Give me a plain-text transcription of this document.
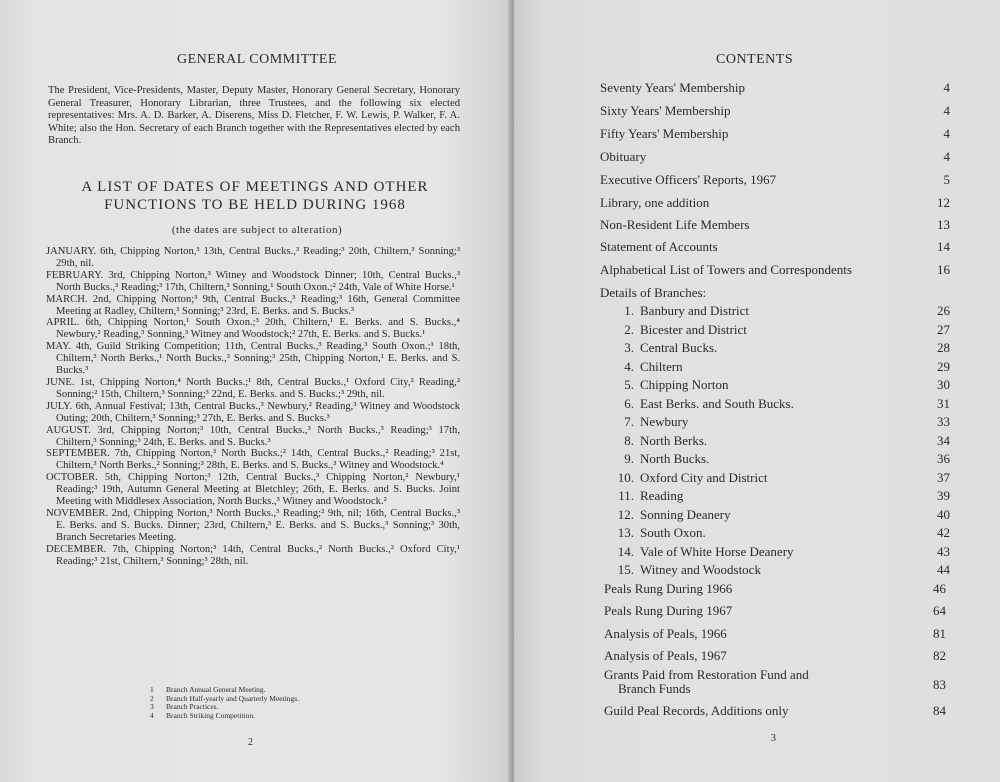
GENERAL COMMITTEE
The President, Vice-Presidents, Master, Deputy Master, Honorary General Secretary, Honorary General Treasurer, Honorary Librarian, three Trustees, and the following six elected representatives: Mrs. A. D. Barker, A. Diserens, Miss D. Fletcher, F. W. Lewis, P. Walker, F. A. White; also the Hon. Secretary of each Branch together with the Representatives elected by each Branch.
A LIST OF DATES OF MEETINGS AND OTHER
FUNCTIONS TO BE HELD DURING 1968
(the dates are subject to alteration)

JANUARY. 6th, Chipping Norton,³ 13th, Central Bucks.,³ Reading;³ 20th, Chiltern,³ Sonning;³ 29th, nil.

FEBRUARY. 3rd, Chipping Norton,³ Witney and Woodstock Dinner; 10th, Central Bucks.,³ North Bucks.,³ Reading;³ 17th, Chiltern,³ Sonning,¹ South Oxon.;² 24th, Vale of White Horse.¹

MARCH. 2nd, Chipping Norton;³ 9th, Central Bucks.,³ Reading;³ 16th, General Committee Meeting at Radley, Chiltern,³ Sonning;³ 23rd, E. Berks. and S. Bucks.³

APRIL. 6th, Chipping Norton,¹ South Oxon.;³ 20th, Chiltern,¹ E. Berks. and S. Bucks.,⁴ Newbury,² Reading,³ Sonning,³ Witney and Woodstock;² 27th, E. Berks. and S. Bucks.¹

MAY. 4th, Guild Striking Competition; 11th, Central Bucks.,³ Reading,³ South Oxon.;¹ 18th, Chiltern,³ North Berks.,¹ North Bucks.,³ Sonning;³ 25th, Chipping Norton,¹ E. Berks. and S. Bucks.³

JUNE. 1st, Chipping Norton,⁴ North Bucks.;¹ 8th, Central Bucks.,¹ Oxford City,² Reading,² Sonning;² 15th, Chiltern,³ Sonning;³ 22nd, E. Berks. and S. Bucks.;³ 29th, nil.

JULY. 6th, Annual Festival; 13th, Central Bucks.,³ Newbury,² Reading,³ Witney and Woodstock Outing; 20th, Chiltern,³ Sonning;³ 27th, E. Berks. and S. Bucks.³

AUGUST. 3rd, Chipping Norton;³ 10th, Central Bucks.,³ North Bucks.,³ Reading;³ 17th, Chiltern,³ Sonning;³ 24th, E. Berks. and S. Bucks.³

SEPTEMBER. 7th, Chipping Norton,³ North Bucks.;² 14th, Central Bucks.,² Reading;³ 21st, Chiltern,³ North Berks.,² Sonning;³ 28th, E. Berks. and S. Bucks.,³ Witney and Woodstock.⁴

OCTOBER. 5th, Chipping Norton;³ 12th, Central Bucks.,³ Chipping Norton,² Newbury,¹ Reading;³ 19th, Autumn General Meeting at Bletchley; 26th, E. Berks. and S. Bucks. Joint Meeting with Middlesex Association, North Bucks.,³ Witney and Woodstock.²

NOVEMBER. 2nd, Chipping Norton,³ North Bucks.,³ Reading;² 9th, nil; 16th, Central Bucks.,³ E. Berks. and S. Bucks. Dinner; 23rd, Chiltern,³ E. Berks. and S. Bucks.,³ Sonning;³ 30th, Branch Secretaries Meeting.

DECEMBER. 7th, Chipping Norton;³ 14th, Central Bucks.,² North Bucks.,² Oxford City,¹ Reading;³ 21st, Chiltern,³ Sonning;³ 28th, nil.

1 Branch Annual General Meeting.
2 Branch Half-yearly and Quarterly Meetings.
3 Branch Practices.
4 Branch Striking Competition.
2
CONTENTS
Seventy Years' Membership	4
Sixty Years' Membership	4
Fifty Years' Membership	4
Obituary	4
Executive Officers' Reports, 1967	5
Library, one addition	12
Non-Resident Life Members	13
Statement of Accounts	14
Alphabetical List of Towers and Correspondents	16
Details of Branches:
1. Banbury and District	26
2. Bicester and District	27
3. Central Bucks.	28
4. Chiltern	29
5. Chipping Norton	30
6. East Berks. and South Bucks.	31
7. Newbury	33
8. North Berks.	34
9. North Bucks.	36
10. Oxford City and District	37
11. Reading	39
12. Sonning Deanery	40
13. South Oxon.	42
14. Vale of White Horse Deanery	43
15. Witney and Woodstock	44
Peals Rung During 1966	46
Peals Rung During 1967	64
Analysis of Peals, 1966	81
Analysis of Peals, 1967	82
Grants Paid from Restoration Fund and
Branch Funds	83
Guild Peal Records, Additions only	84
3
